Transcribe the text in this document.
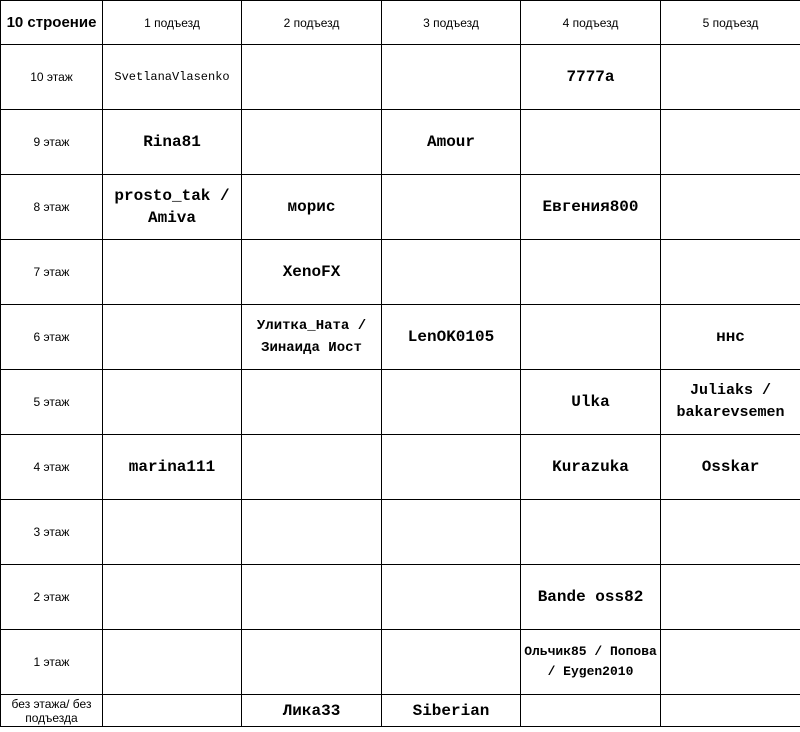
10 строение	1 подъезд	2 подъезд	3 подъезд	4 подъезд	5 подъезд
10 этаж	SvetlanaVlasenko			7777a	
9 этаж	Rina81		Amour		
8 этаж	prosto_tak / Amiva	морис		Евгения800	
7 этаж		XenoFX			
6 этаж		Улитка_Ната / Зинаида Иост	LenOK0105		ннс
5 этаж				Ulka	Juliaks / bakarevsemen
4 этаж	marina111			Kurazuka	Osskar
3 этаж					
2 этаж				Bande oss82	
1 этаж				Ольчик85 / Попова / Eygen2010	
без этажа/ без подъезда		Лика33	Siberian		
